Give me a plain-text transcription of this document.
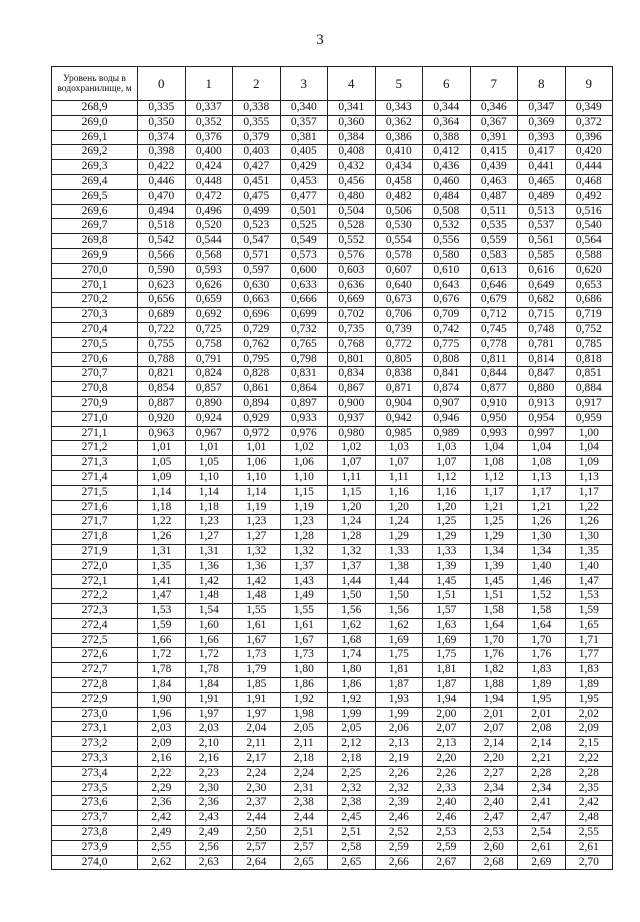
3
Уровень воды в водохранилище, м	0	1	2	3	4	5	6	7	8	9
268,9	0,335	0,337	0,338	0,340	0,341	0,343	0,344	0,346	0,347	0,349
269,0	0,350	0,352	0,355	0,357	0,360	0,362	0,364	0,367	0,369	0,372
269,1	0,374	0,376	0,379	0,381	0,384	0,386	0,388	0,391	0,393	0,396
269,2	0,398	0,400	0,403	0,405	0,408	0,410	0,412	0,415	0,417	0,420
269,3	0,422	0,424	0,427	0,429	0,432	0,434	0,436	0,439	0,441	0,444
269,4	0,446	0,448	0,451	0,453	0,456	0,458	0,460	0,463	0,465	0,468
269,5	0,470	0,472	0,475	0,477	0,480	0,482	0,484	0,487	0,489	0,492
269,6	0,494	0,496	0,499	0,501	0,504	0,506	0,508	0,511	0,513	0,516
269,7	0,518	0,520	0,523	0,525	0,528	0,530	0,532	0,535	0,537	0,540
269,8	0,542	0,544	0,547	0,549	0,552	0,554	0,556	0,559	0,561	0,564
269,9	0,566	0,568	0,571	0,573	0,576	0,578	0,580	0,583	0,585	0,588
270,0	0,590	0,593	0,597	0,600	0,603	0,607	0,610	0,613	0,616	0,620
270,1	0,623	0,626	0,630	0,633	0,636	0,640	0,643	0,646	0,649	0,653
270,2	0,656	0,659	0,663	0,666	0,669	0,673	0,676	0,679	0,682	0,686
270,3	0,689	0,692	0,696	0,699	0,702	0,706	0,709	0,712	0,715	0,719
270,4	0,722	0,725	0,729	0,732	0,735	0,739	0,742	0,745	0,748	0,752
270,5	0,755	0,758	0,762	0,765	0,768	0,772	0,775	0,778	0,781	0,785
270,6	0,788	0,791	0,795	0,798	0,801	0,805	0,808	0,811	0,814	0,818
270,7	0,821	0,824	0,828	0,831	0,834	0,838	0,841	0,844	0,847	0,851
270,8	0,854	0,857	0,861	0,864	0,867	0,871	0,874	0,877	0,880	0,884
270,9	0,887	0,890	0,894	0,897	0,900	0,904	0,907	0,910	0,913	0,917
271,0	0,920	0,924	0,929	0,933	0,937	0,942	0,946	0,950	0,954	0,959
271,1	0,963	0,967	0,972	0,976	0,980	0,985	0,989	0,993	0,997	1,00
271,2	1,01	1,01	1,01	1,02	1,02	1,03	1,03	1,04	1,04	1,04
271,3	1,05	1,05	1,06	1,06	1,07	1,07	1,07	1,08	1,08	1,09
271,4	1,09	1,10	1,10	1,10	1,11	1,11	1,12	1,12	1,13	1,13
271,5	1,14	1,14	1,14	1,15	1,15	1,16	1,16	1,17	1,17	1,17
271,6	1,18	1,18	1,19	1,19	1,20	1,20	1,20	1,21	1,21	1,22
271,7	1,22	1,23	1,23	1,23	1,24	1,24	1,25	1,25	1,26	1,26
271,8	1,26	1,27	1,27	1,28	1,28	1,29	1,29	1,29	1,30	1,30
271,9	1,31	1,31	1,32	1,32	1,32	1,33	1,33	1,34	1,34	1,35
272,0	1,35	1,36	1,36	1,37	1,37	1,38	1,39	1,39	1,40	1,40
272,1	1,41	1,42	1,42	1,43	1,44	1,44	1,45	1,45	1,46	1,47
272,2	1,47	1,48	1,48	1,49	1,50	1,50	1,51	1,51	1,52	1,53
272,3	1,53	1,54	1,55	1,55	1,56	1,56	1,57	1,58	1,58	1,59
272,4	1,59	1,60	1,61	1,61	1,62	1,62	1,63	1,64	1,64	1,65
272,5	1,66	1,66	1,67	1,67	1,68	1,69	1,69	1,70	1,70	1,71
272,6	1,72	1,72	1,73	1,73	1,74	1,75	1,75	1,76	1,76	1,77
272,7	1,78	1,78	1,79	1,80	1,80	1,81	1,81	1,82	1,83	1,83
272,8	1,84	1,84	1,85	1,86	1,86	1,87	1,87	1,88	1,89	1,89
272,9	1,90	1,91	1,91	1,92	1,92	1,93	1,94	1,94	1,95	1,95
273,0	1,96	1,97	1,97	1,98	1,99	1,99	2,00	2,01	2,01	2,02
273,1	2,03	2,03	2,04	2,05	2,05	2,06	2,07	2,07	2,08	2,09
273,2	2,09	2,10	2,11	2,11	2,12	2,13	2,13	2,14	2,14	2,15
273,3	2,16	2,16	2,17	2,18	2,18	2,19	2,20	2,20	2,21	2,22
273,4	2,22	2,23	2,24	2,24	2,25	2,26	2,26	2,27	2,28	2,28
273,5	2,29	2,30	2,30	2,31	2,32	2,32	2,33	2,34	2,34	2,35
273,6	2,36	2,36	2,37	2,38	2,38	2,39	2,40	2,40	2,41	2,42
273,7	2,42	2,43	2,44	2,44	2,45	2,46	2,46	2,47	2,47	2,48
273,8	2,49	2,49	2,50	2,51	2,51	2,52	2,53	2,53	2,54	2,55
273,9	2,55	2,56	2,57	2,57	2,58	2,59	2,59	2,60	2,61	2,61
274,0	2,62	2,63	2,64	2,65	2,65	2,66	2,67	2,68	2,69	2,70
